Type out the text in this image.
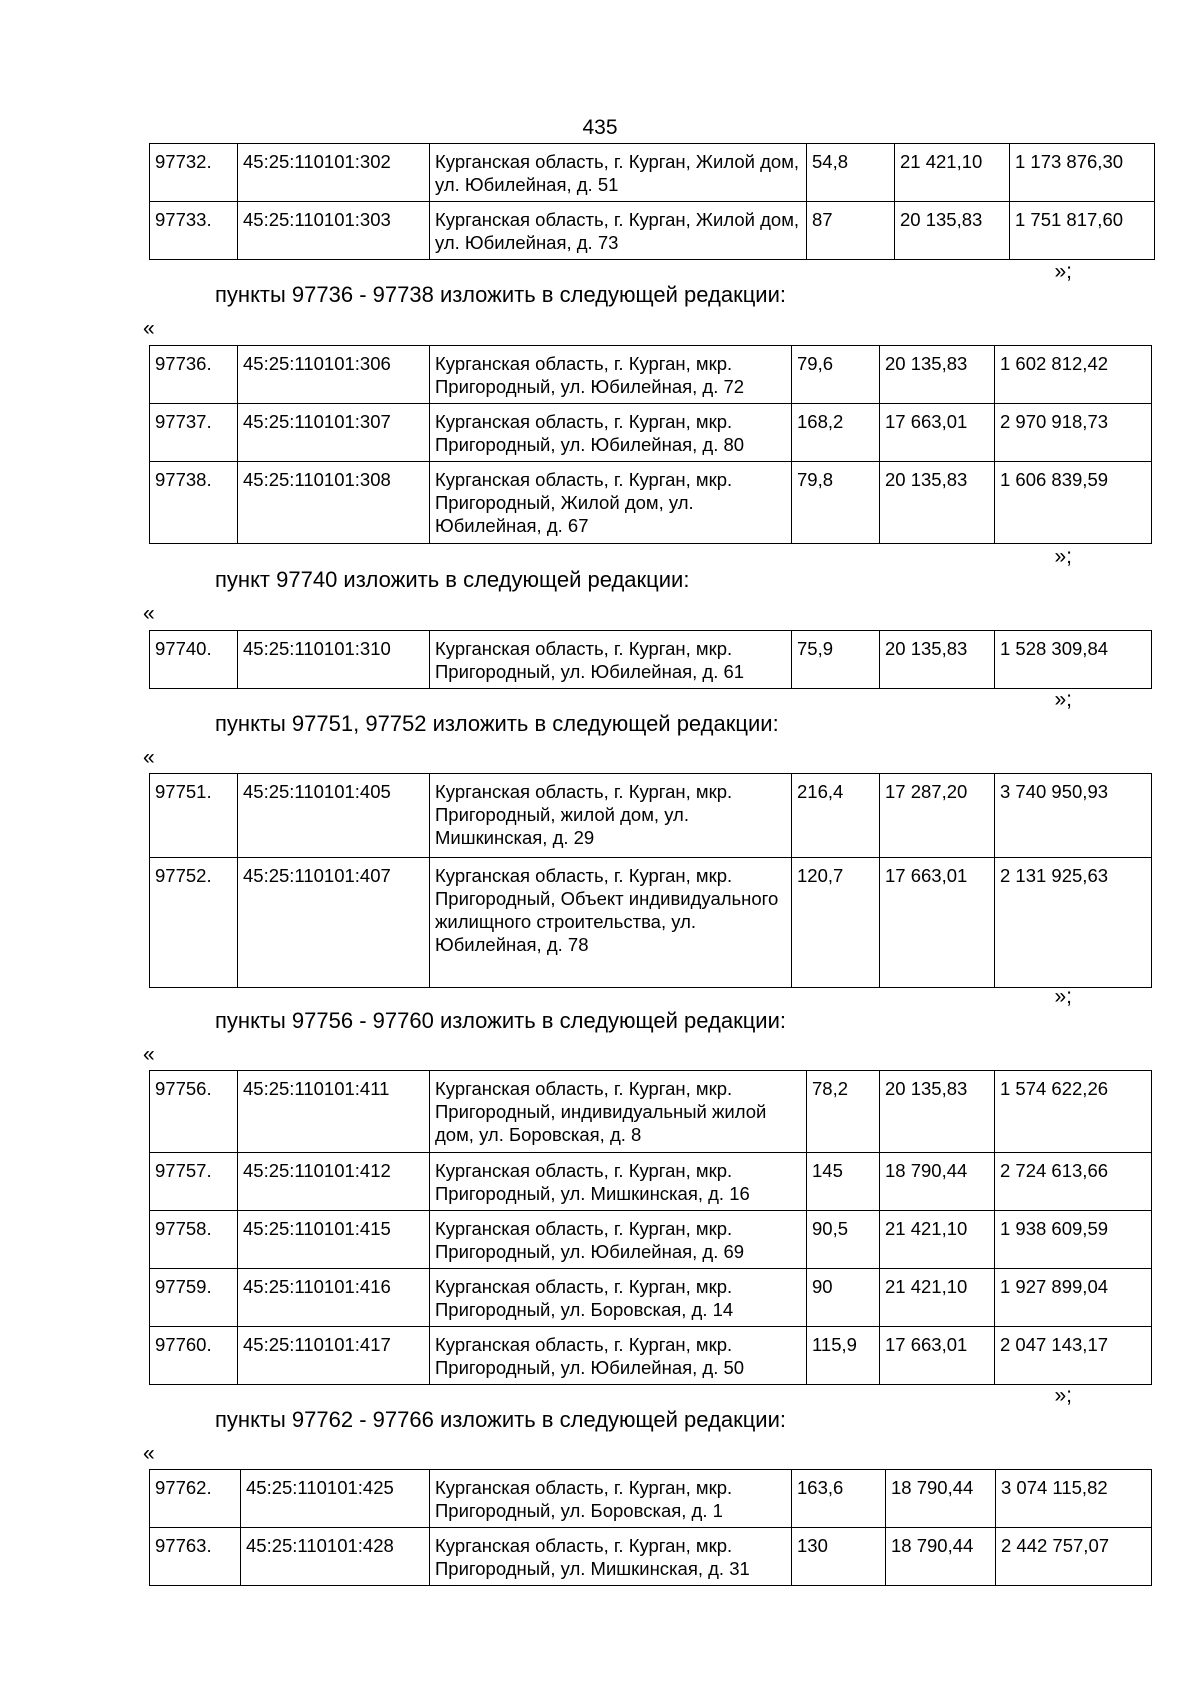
435
97732.	45:25:110101:302	Курганская область, г. Курган, Жилой дом, ул. Юбилейная, д. 51	54,8	21 421,10	1 173 876,30
97733.	45:25:110101:303	Курганская область, г. Курган, Жилой дом, ул. Юбилейная, д. 73	87	20 135,83	1 751 817,60
»;
пункты 97736 - 97738 изложить в следующей редакции:
«
97736.	45:25:110101:306	Курганская область, г. Курган, мкр. Пригородный, ул. Юбилейная, д. 72	79,6	20 135,83	1 602 812,42
97737.	45:25:110101:307	Курганская область, г. Курган, мкр. Пригородный, ул. Юбилейная, д. 80	168,2	17 663,01	2 970 918,73
97738.	45:25:110101:308	Курганская область, г. Курган, мкр. Пригородный, Жилой дом, ул. Юбилейная, д. 67	79,8	20 135,83	1 606 839,59
»;
пункт 97740 изложить в следующей редакции:
«
97740.	45:25:110101:310	Курганская область, г. Курган, мкр. Пригородный, ул. Юбилейная, д. 61	75,9	20 135,83	1 528 309,84
»;
пункты 97751, 97752 изложить в следующей редакции:
«
97751.	45:25:110101:405	Курганская область, г. Курган, мкр. Пригородный, жилой дом, ул. Мишкинская, д. 29	216,4	17 287,20	3 740 950,93
97752.	45:25:110101:407	Курганская область, г. Курган, мкр. Пригородный, Объект индивидуального жилищного строительства, ул. Юбилейная, д. 78	120,7	17 663,01	2 131 925,63
»;
пункты 97756 - 97760 изложить в следующей редакции:
«
97756.	45:25:110101:411	Курганская область, г. Курган, мкр. Пригородный, индивидуальный жилой дом, ул. Боровская, д. 8	78,2	20 135,83	1 574 622,26
97757.	45:25:110101:412	Курганская область, г. Курган, мкр. Пригородный, ул. Мишкинская, д. 16	145	18 790,44	2 724 613,66
97758.	45:25:110101:415	Курганская область, г. Курган, мкр. Пригородный, ул. Юбилейная, д. 69	90,5	21 421,10	1 938 609,59
97759.	45:25:110101:416	Курганская область, г. Курган, мкр. Пригородный, ул. Боровская, д. 14	90	21 421,10	1 927 899,04
97760.	45:25:110101:417	Курганская область, г. Курган, мкр. Пригородный, ул. Юбилейная, д. 50	115,9	17 663,01	2 047 143,17
»;
пункты 97762 - 97766 изложить в следующей редакции:
«
97762.	45:25:110101:425	Курганская область, г. Курган, мкр. Пригородный, ул. Боровская, д. 1	163,6	18 790,44	3 074 115,82
97763.	45:25:110101:428	Курганская область, г. Курган, мкр. Пригородный, ул. Мишкинская, д. 31	130	18 790,44	2 442 757,07
